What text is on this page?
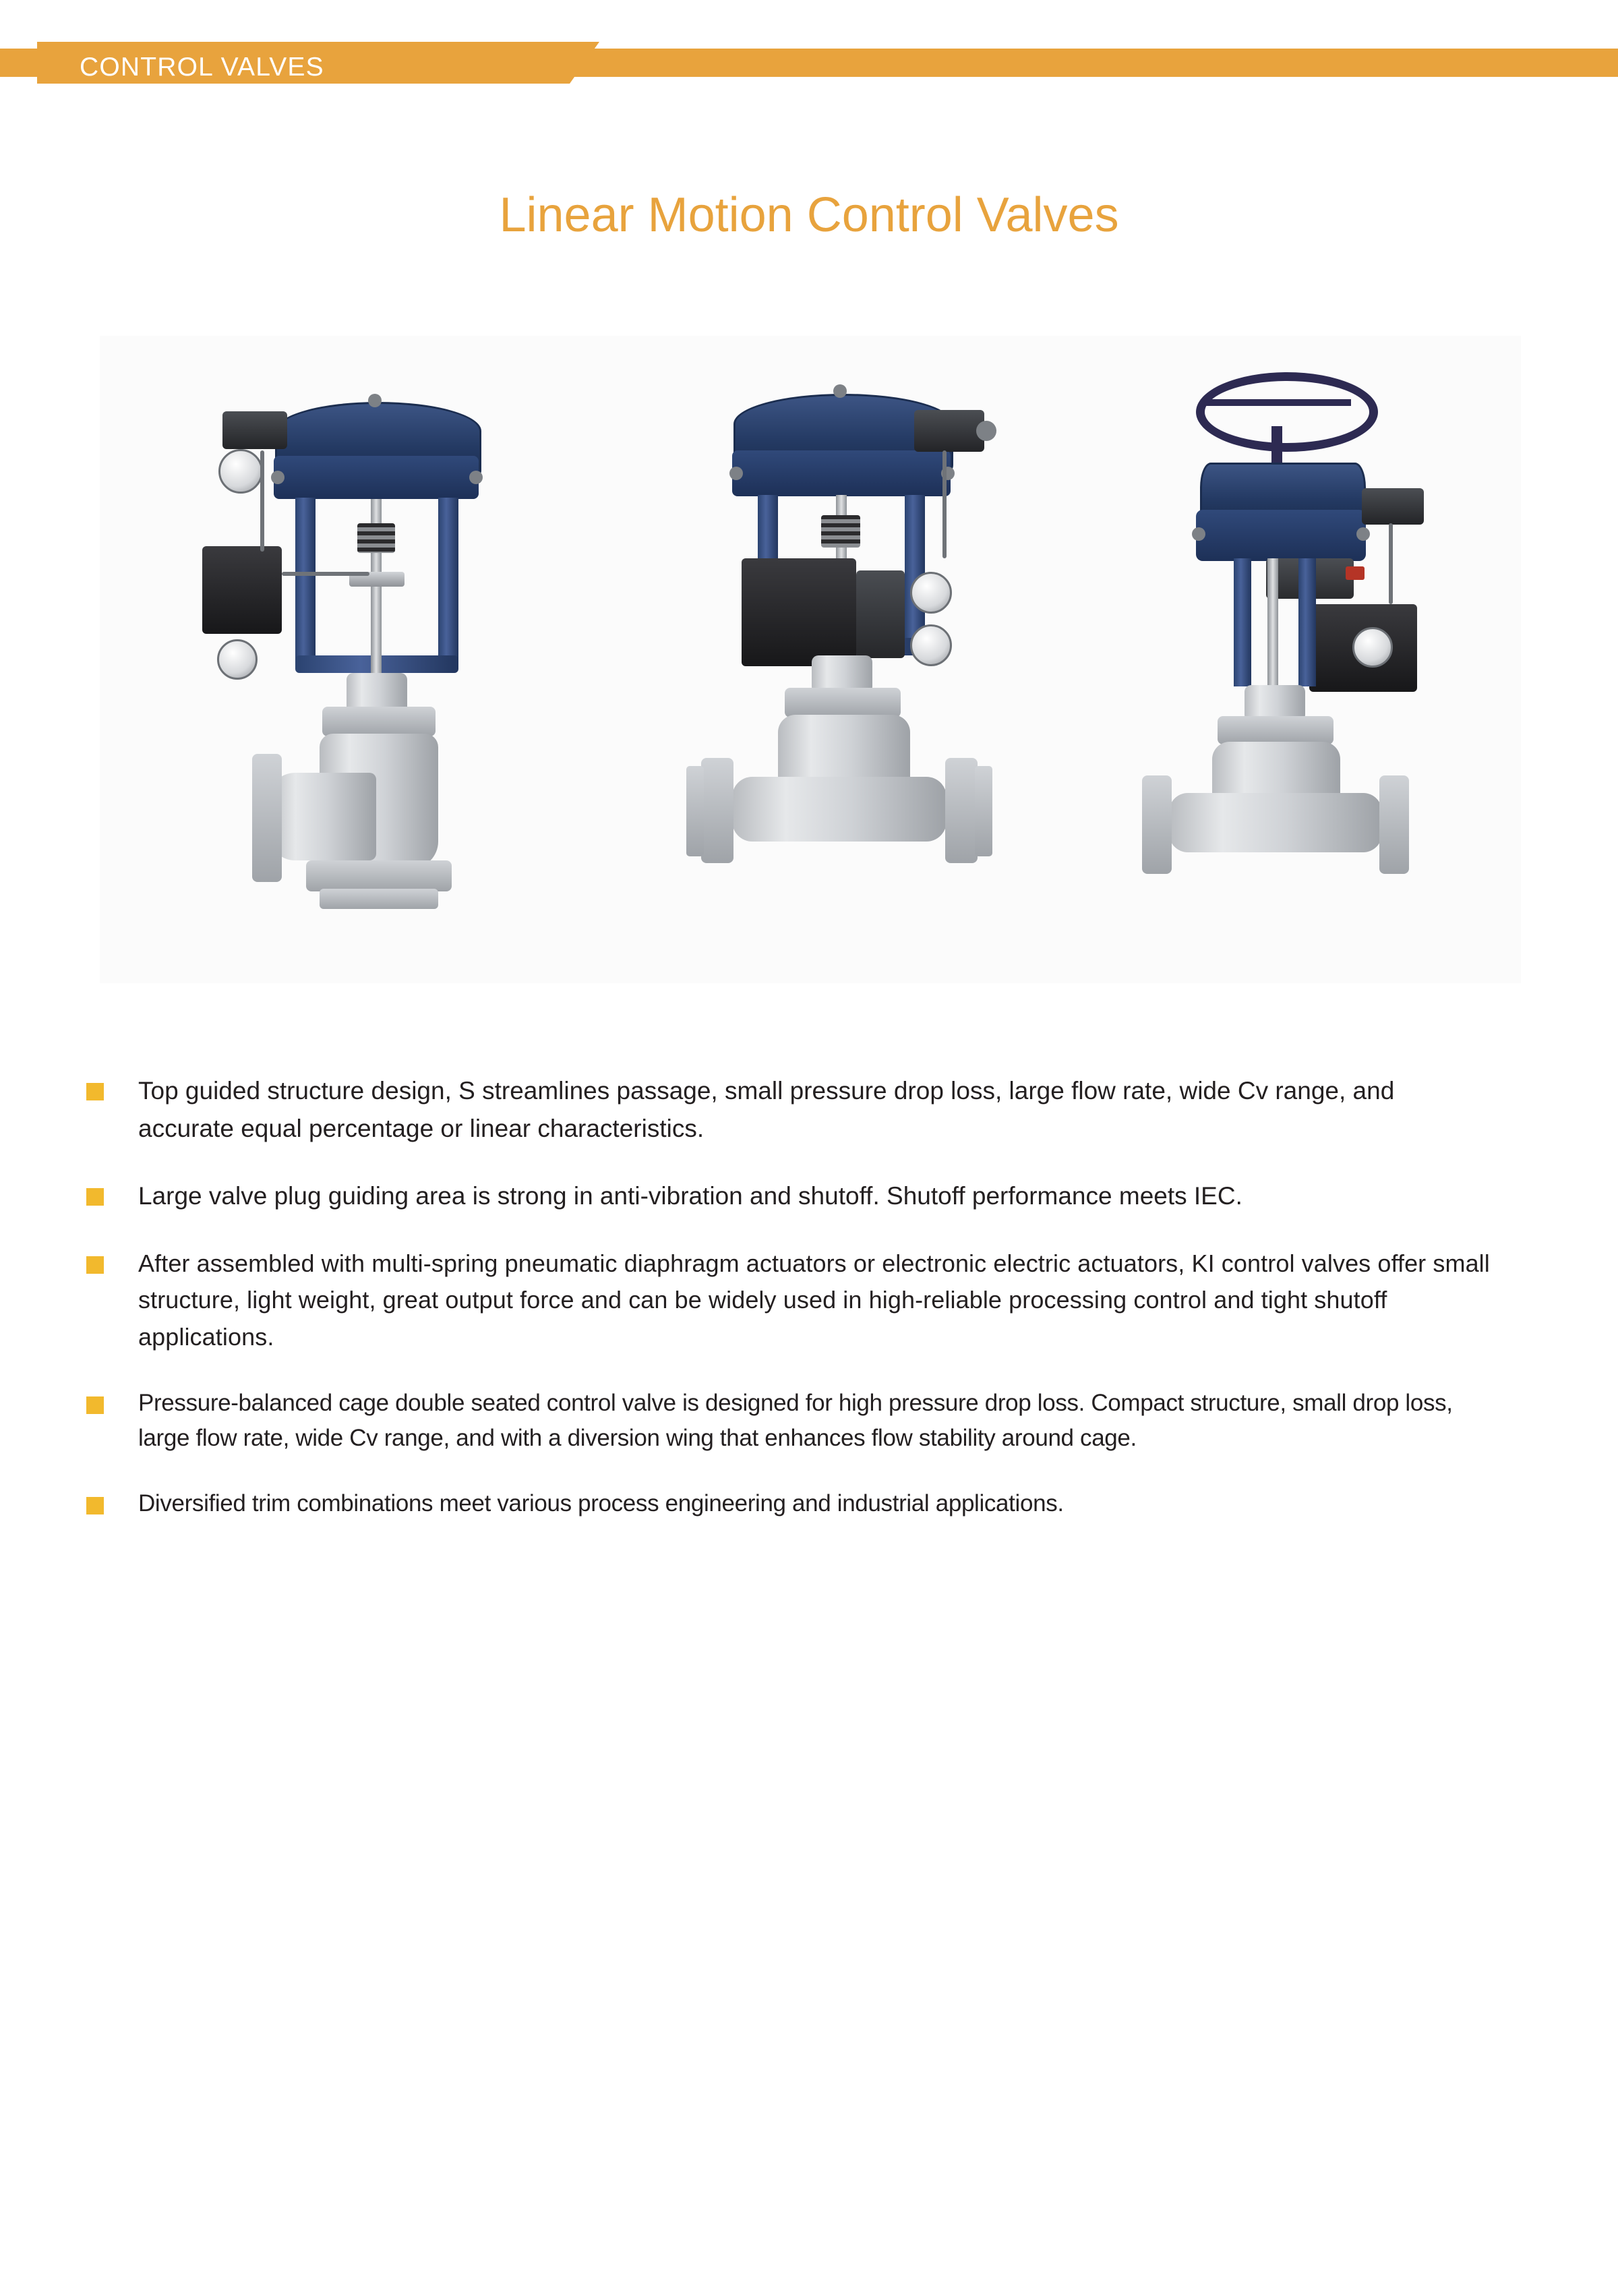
CONTROL VALVES
Linear Motion Control Valves
Top guided structure design, S streamlines passage, small pressure drop loss, large flow rate, wide Cv range, and accurate equal percentage or linear characteristics.
Large valve plug guiding area is strong in anti-vibration and shutoff. Shutoff performance meets IEC.
After assembled with multi-spring pneumatic diaphragm actuators or electronic electric actuators, KI control valves offer small structure, light weight, great output force and can be widely used in high-reliable processing control and tight shutoff applications.
Pressure-balanced cage double seated control valve is designed for high pressure drop loss. Compact structure, small drop loss, large flow rate, wide Cv range, and with a diversion wing that enhances flow stability around cage.
Diversified trim combinations meet various process engineering and industrial applications.
